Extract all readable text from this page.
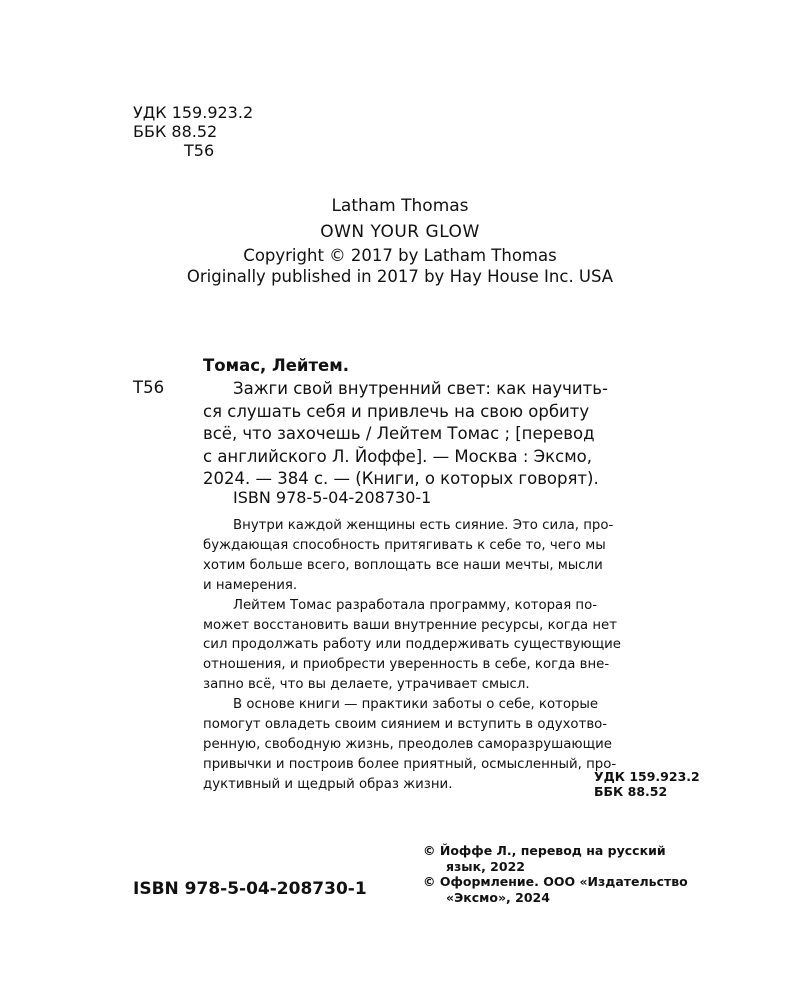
УДК 159.923.2
ББК 88.52
Т56
Latham Thomas
OWN YOUR GLOW
Copyright © 2017 by Latham Thomas
Originally published in 2017 by Hay House Inc. USA
Томас, Лейтем.
Т56	Зажги свой внутренний свет: как научить-
ся слушать себя и привлечь на свою орбиту
всё, что захочешь / Лейтем Томас ; [перевод
с английского Л. Йоффе]. — Москва : Эксмо,
2024. — 384 с. — (Книги, о которых говорят).
ISBN 978-5-04-208730-1
Внутри каждой женщины есть сияние. Это сила, про-
буждающая способность притягивать к себе то, чего мы
хотим больше всего, воплощать все наши мечты, мысли
и намерения.
Лейтем Томас разработала программу, которая по-
может восстановить ваши внутренние ресурсы, когда нет
сил продолжать работу или поддерживать существующие
отношения, и приобрести уверенность в себе, когда вне-
запно всё, что вы делаете, утрачивает смысл.
В основе книги — практики заботы о себе, которые
помогут овладеть своим сиянием и вступить в одухотво-
ренную, свободную жизнь, преодолев саморазрушающие
привычки и построив более приятный, осмысленный, про-
дуктивный и щедрый образ жизни.
УДК 159.923.2
ББК 88.52
© Йоффе Л., перевод на русский
язык, 2022
© Оформление. ООО «Издательство
«Эксмо», 2024
ISBN 978-5-04-208730-1
